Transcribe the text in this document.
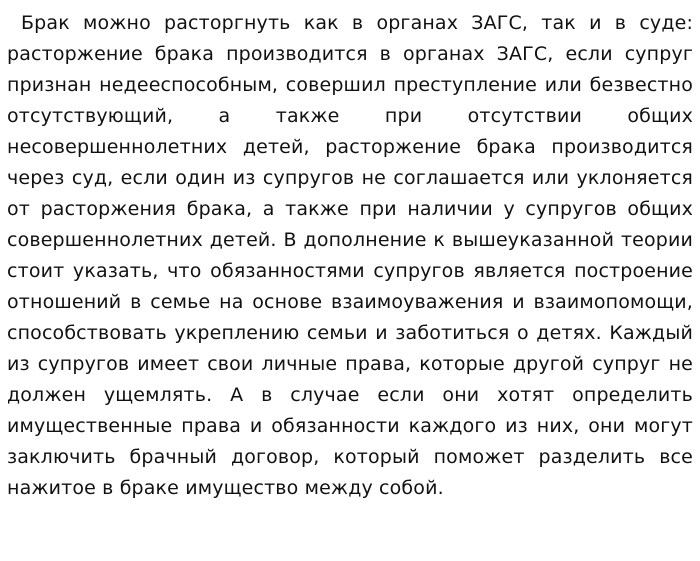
Брак можно расторгнуть как в органах ЗАГС, так и в суде: расторжение брака производится в органах ЗАГС, если супруг признан недееспособным, совершил преступление или безвестно отсутствующий, а также при отсутствии общих несовершеннолетних детей, расторжение брака производится через суд, если один из супругов не соглашается или уклоняется от расторжения брака, а также при наличии у супругов общих совершеннолетних детей. В дополнение к вышеуказанной теории стоит указать, что обязанностями супругов является построение отношений в семье на основе взаимоуважения и взаимопомощи, способствовать укреплению семьи и заботиться о детях. Каждый из супругов имеет свои личные права, которые другой супруг не должен ущемлять. А в случае если они хотят определить имущественные права и обязанности каждого из них, они могут заключить брачный договор, который поможет разделить все нажитое в браке имущество между собой.
